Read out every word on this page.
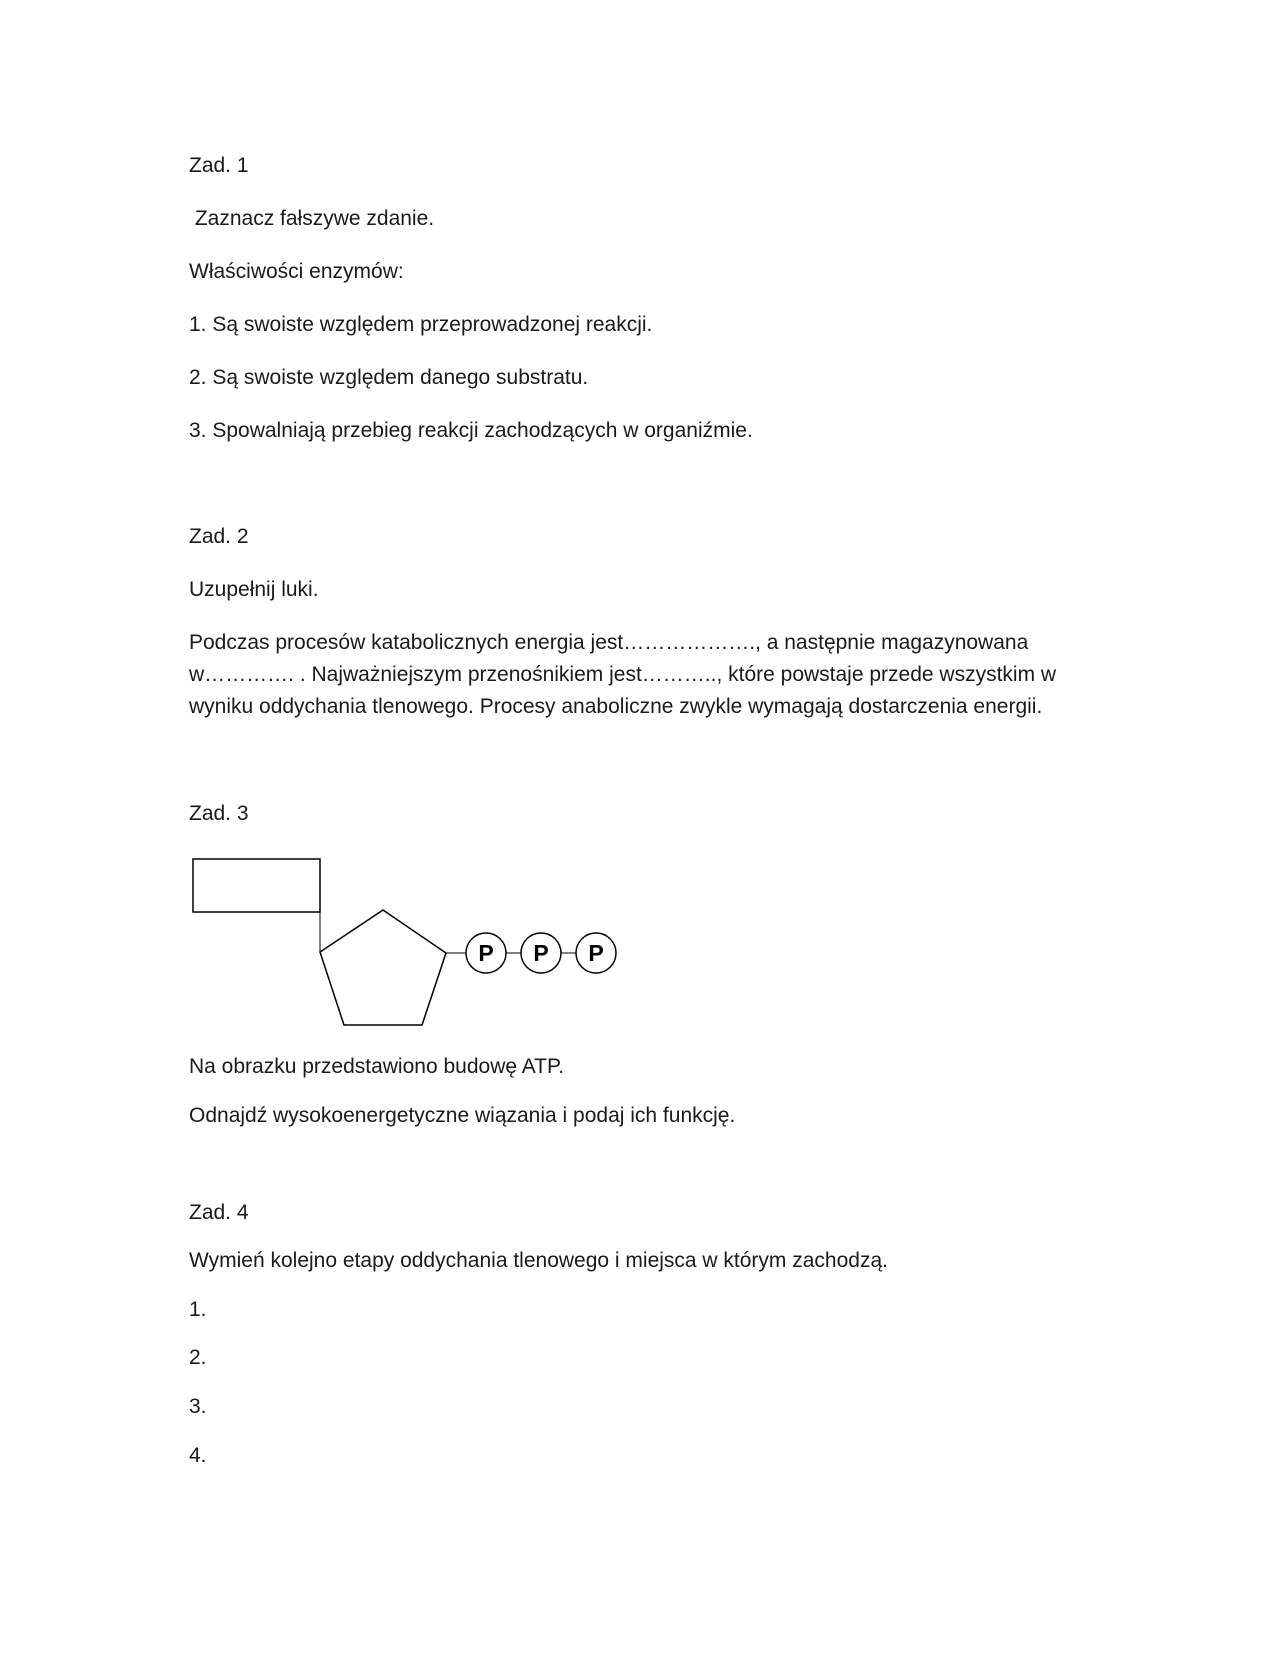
Zad. 1
Zaznacz fałszywe zdanie.
Właściwości enzymów:
1. Są swoiste względem przeprowadzonej reakcji.
2. Są swoiste względem danego substratu.
3. Spowalniają przebieg reakcji zachodzących w organiźmie.
Zad. 2
Uzupełnij luki.
Podczas procesów katabolicznych energia jest………………., a następnie magazynowana w…………. . Najważniejszym przenośnikiem jest……….., które powstaje przede wszystkim w wyniku oddychania tlenowego. Procesy anaboliczne zwykle wymagają dostarczenia energii.
Zad. 3
P P P
Na obrazku przedstawiono budowę ATP.
Odnajdź wysokoenergetyczne wiązania i podaj ich funkcję.
Zad. 4
Wymień kolejno etapy oddychania tlenowego i miejsca w którym zachodzą.
1.
2.
3.
4.
